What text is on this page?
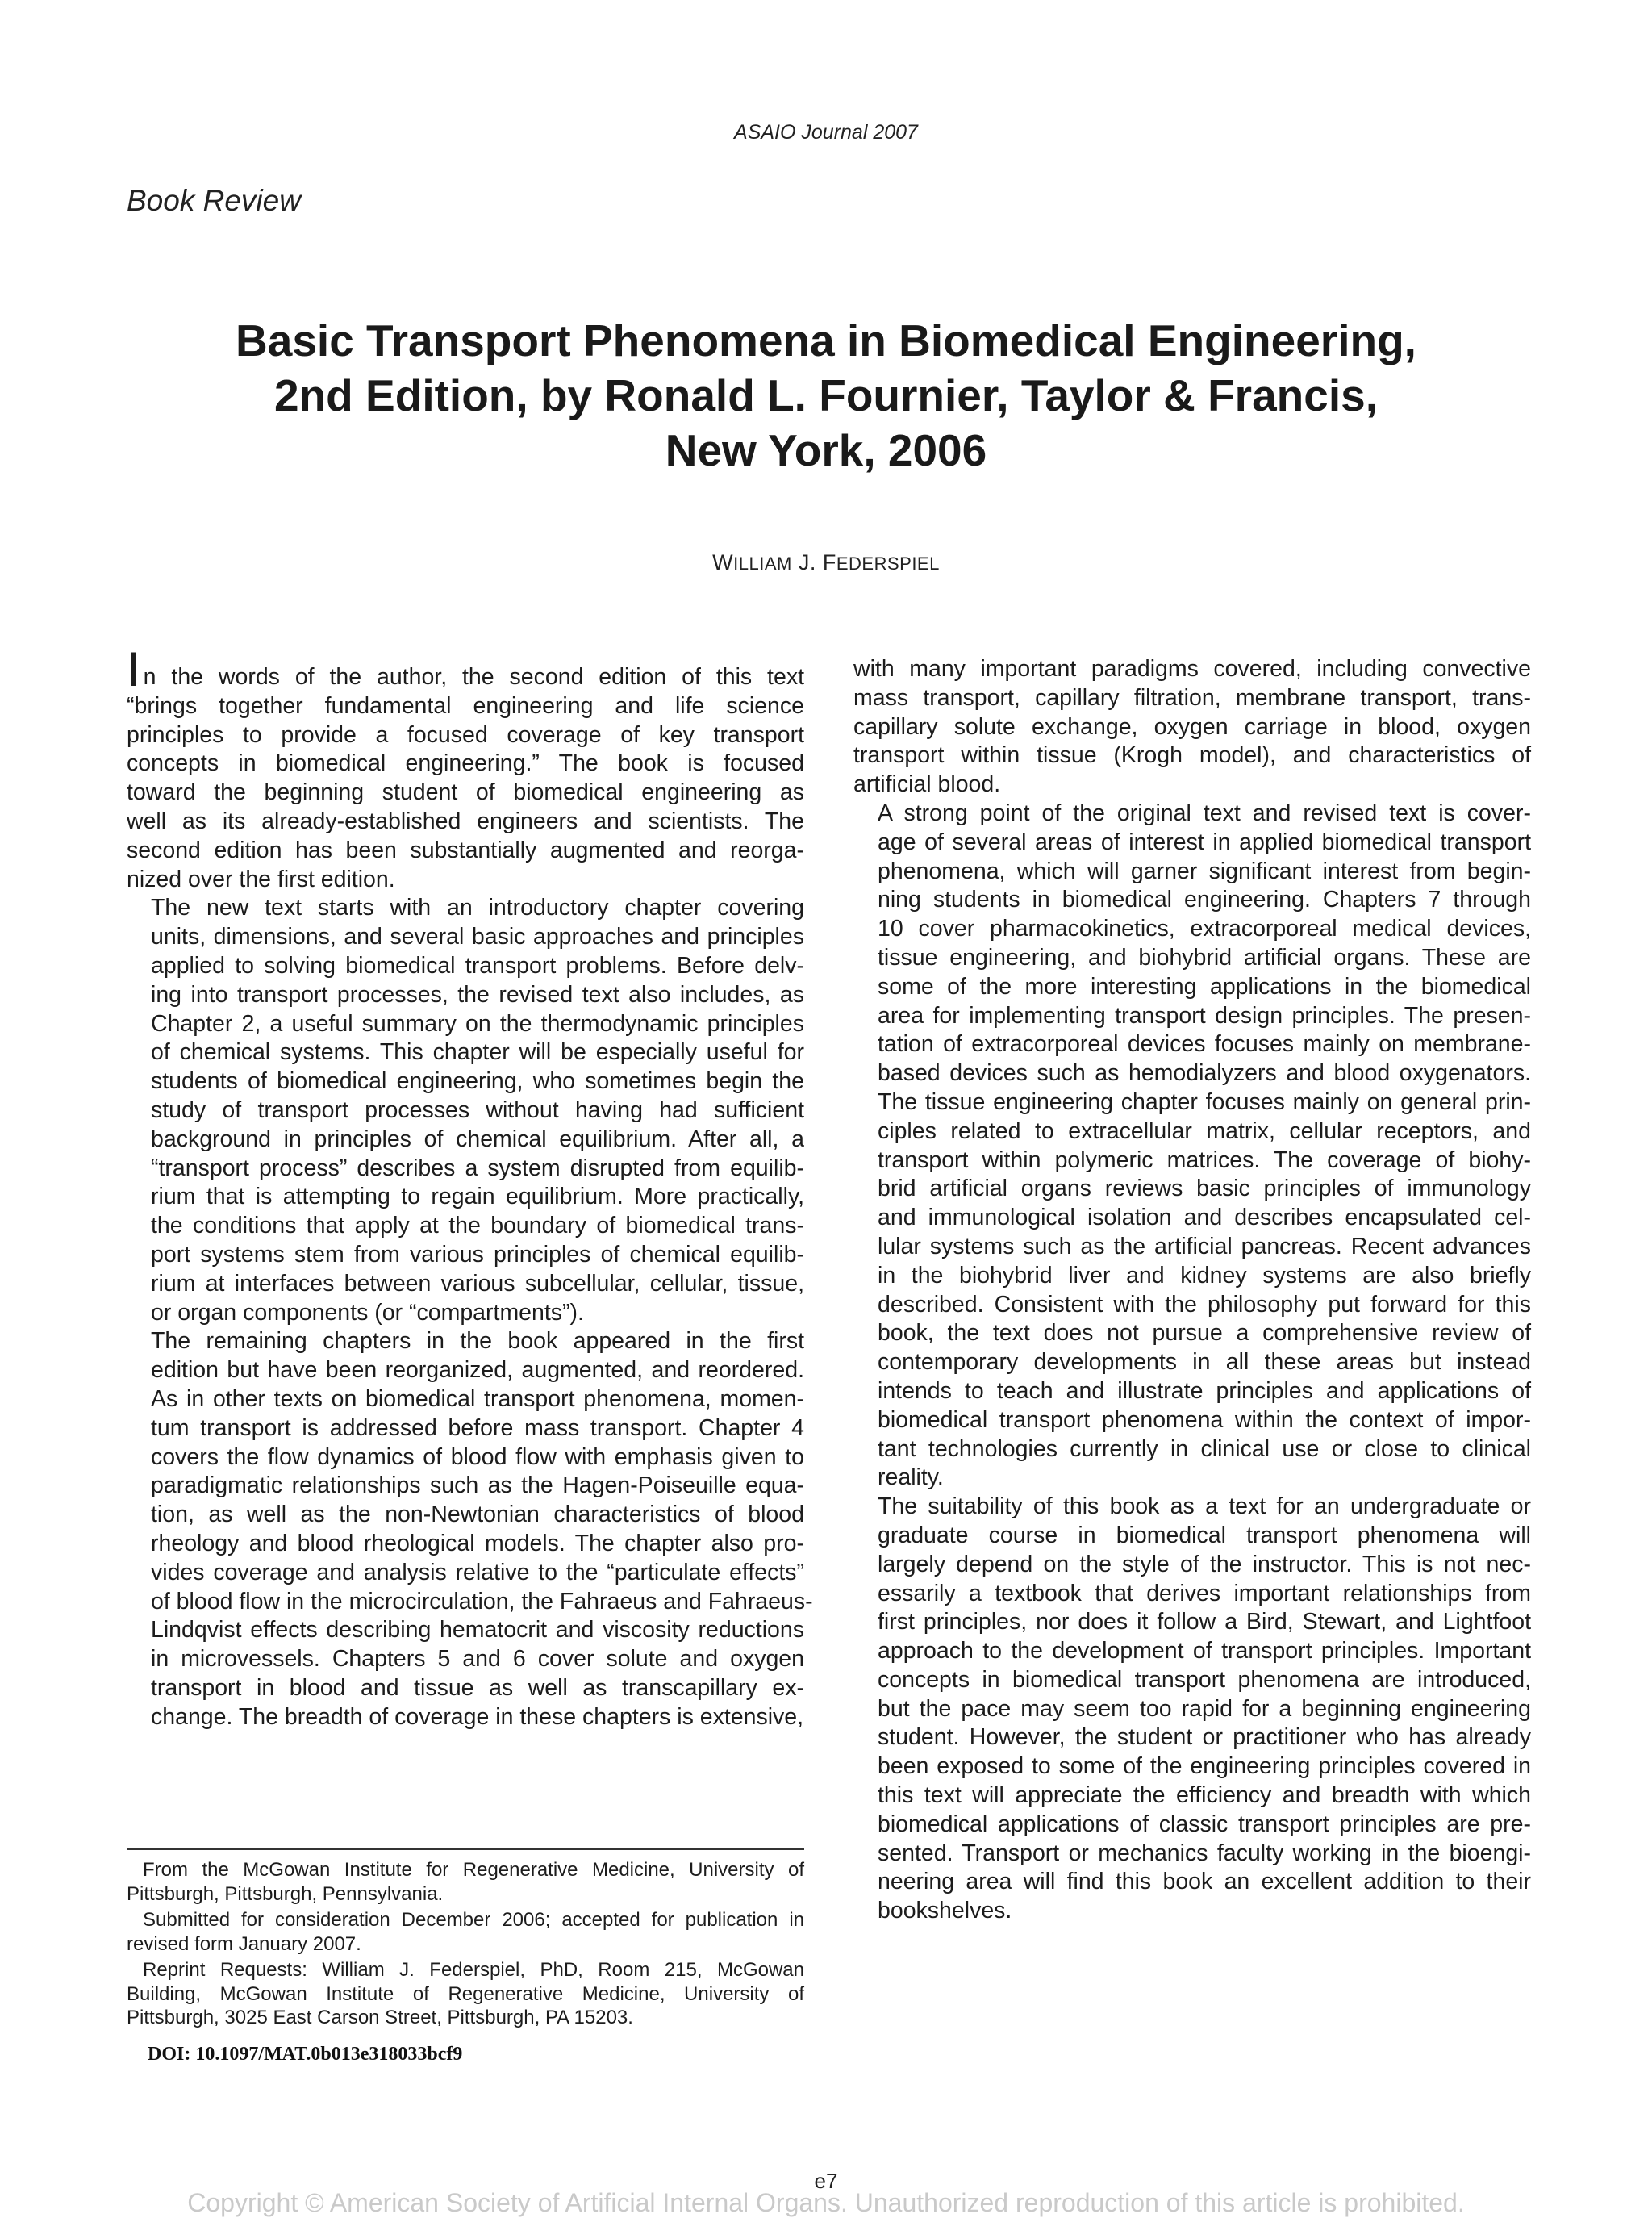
ASAIO Journal 2007
Book Review
Basic Transport Phenomena in Biomedical Engineering,
2nd Edition, by Ronald L. Fournier, Taylor & Francis,
New York, 2006
WILLIAM J. FEDERSPIEL

In the words of the author, the second edition of this text
“brings together fundamental engineering and life science
principles to provide a focused coverage of key transport
concepts in biomedical engineering.” The book is focused
toward the beginning student of biomedical engineering as
well as its already-established engineers and scientists. The
second edition has been substantially augmented and reorga-
nized over the first edition.

The new text starts with an introductory chapter covering
units, dimensions, and several basic approaches and principles
applied to solving biomedical transport problems. Before delv-
ing into transport processes, the revised text also includes, as
Chapter 2, a useful summary on the thermodynamic principles
of chemical systems. This chapter will be especially useful for
students of biomedical engineering, who sometimes begin the
study of transport processes without having had sufficient
background in principles of chemical equilibrium. After all, a
“transport process” describes a system disrupted from equilib-
rium that is attempting to regain equilibrium. More practically,
the conditions that apply at the boundary of biomedical trans-
port systems stem from various principles of chemical equilib-
rium at interfaces between various subcellular, cellular, tissue,
or organ components (or “compartments”).

The remaining chapters in the book appeared in the first
edition but have been reorganized, augmented, and reordered.
As in other texts on biomedical transport phenomena, momen-
tum transport is addressed before mass transport. Chapter 4
covers the flow dynamics of blood flow with emphasis given to
paradigmatic relationships such as the Hagen-Poiseuille equa-
tion, as well as the non-Newtonian characteristics of blood
rheology and blood rheological models. The chapter also pro-
vides coverage and analysis relative to the “particulate effects”
of blood flow in the microcirculation, the Fahraeus and Fahraeus-
Lindqvist effects describing hematocrit and viscosity reductions
in microvessels. Chapters 5 and 6 cover solute and oxygen
transport in blood and tissue as well as transcapillary ex-
change. The breadth of coverage in these chapters is extensive,

with many important paradigms covered, including convective
mass transport, capillary filtration, membrane transport, trans-
capillary solute exchange, oxygen carriage in blood, oxygen
transport within tissue (Krogh model), and characteristics of
artificial blood.

A strong point of the original text and revised text is cover-
age of several areas of interest in applied biomedical transport
phenomena, which will garner significant interest from begin-
ning students in biomedical engineering. Chapters 7 through
10 cover pharmacokinetics, extracorporeal medical devices,
tissue engineering, and biohybrid artificial organs. These are
some of the more interesting applications in the biomedical
area for implementing transport design principles. The presen-
tation of extracorporeal devices focuses mainly on membrane-
based devices such as hemodialyzers and blood oxygenators.
The tissue engineering chapter focuses mainly on general prin-
ciples related to extracellular matrix, cellular receptors, and
transport within polymeric matrices. The coverage of biohy-
brid artificial organs reviews basic principles of immunology
and immunological isolation and describes encapsulated cel-
lular systems such as the artificial pancreas. Recent advances
in the biohybrid liver and kidney systems are also briefly
described. Consistent with the philosophy put forward for this
book, the text does not pursue a comprehensive review of
contemporary developments in all these areas but instead
intends to teach and illustrate principles and applications of
biomedical transport phenomena within the context of impor-
tant technologies currently in clinical use or close to clinical
reality.

The suitability of this book as a text for an undergraduate or
graduate course in biomedical transport phenomena will
largely depend on the style of the instructor. This is not nec-
essarily a textbook that derives important relationships from
first principles, nor does it follow a Bird, Stewart, and Lightfoot
approach to the development of transport principles. Important
concepts in biomedical transport phenomena are introduced,
but the pace may seem too rapid for a beginning engineering
student. However, the student or practitioner who has already
been exposed to some of the engineering principles covered in
this text will appreciate the efficiency and breadth with which
biomedical applications of classic transport principles are pre-
sented. Transport or mechanics faculty working in the bioengi-
neering area will find this book an excellent addition to their
bookshelves.

From the McGowan Institute for Regenerative Medicine, University of Pittsburgh, Pittsburgh, Pennsylvania.

Submitted for consideration December 2006; accepted for publication in revised form January 2007.

Reprint Requests: William J. Federspiel, PhD, Room 215, McGowan Building, McGowan Institute of Regenerative Medicine, University of Pittsburgh, 3025 East Carson Street, Pittsburgh, PA 15203.

DOI: 10.1097/MAT.0b013e318033bcf9
e7
Copyright © American Society of Artificial Internal Organs. Unauthorized reproduction of this article is prohibited.
